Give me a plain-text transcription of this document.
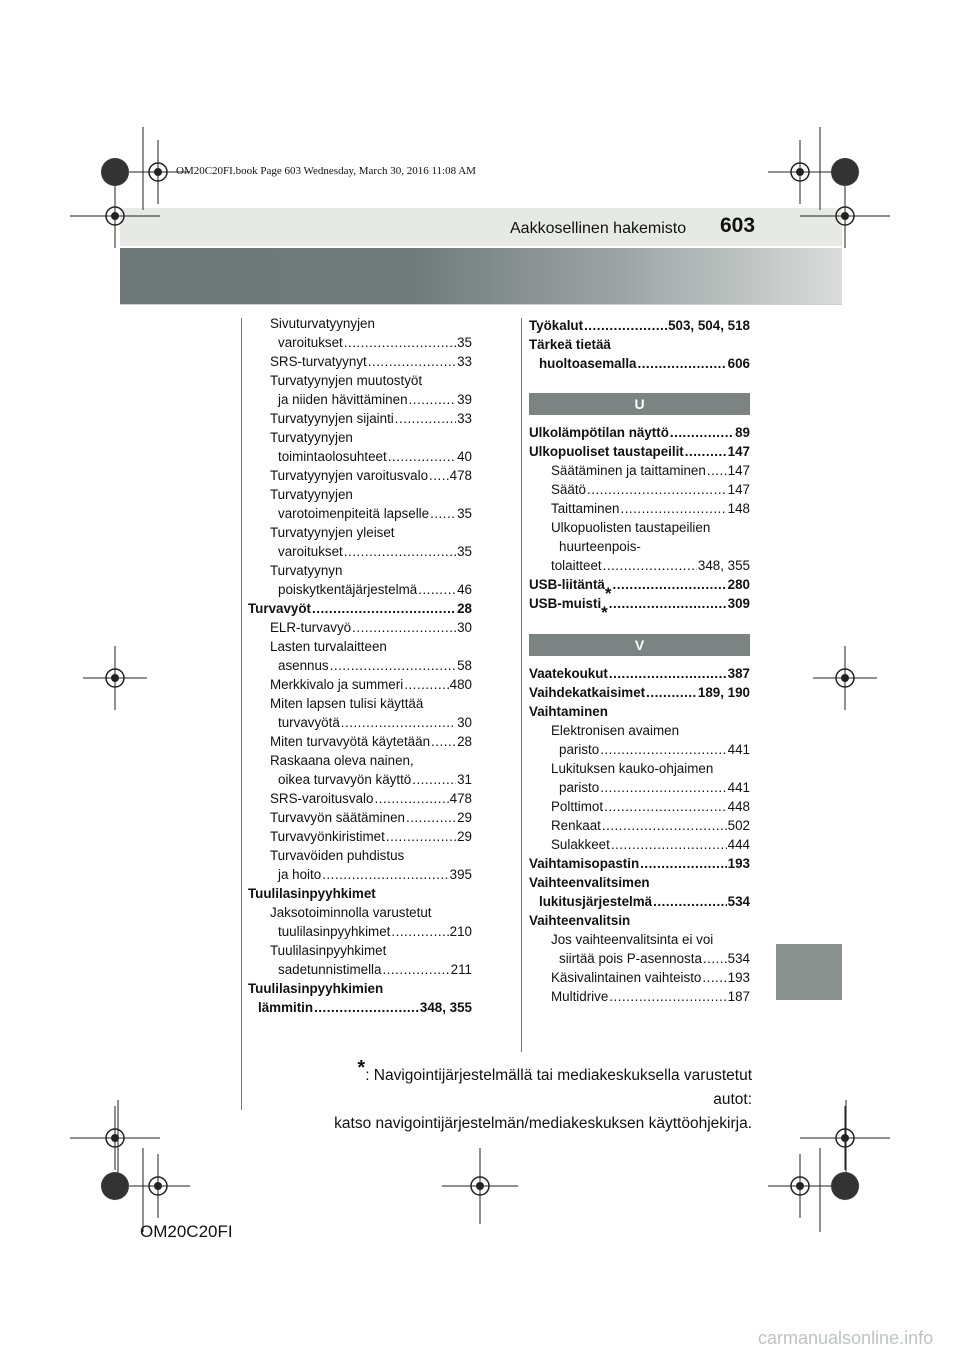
Aakkosellinen hakemisto 603
OM20C20FI.book Page 603 Wednesday, March 30, 2016 11:08 AM
Sivuturvatyynyjen
varoitukset .....	35
SRS-turvatyynyt .....	33
Turvatyynyjen muutostyöt
ja niiden hävittäminen .....	39
Turvatyynyjen sijainti .....	33
Turvatyynyjen
toimintaolosuhteet .....	40
Turvatyynyjen varoitusvalo ..... 478
Turvatyynyjen
varotoimenpiteitä lapselle ..... 35
Turvatyynyjen yleiset
varoitukset .....	35
Turvatyynyn
poiskytkentäjärjestelmä .....	46
Turvavyöt .....	28
ELR-turvavyö .....	30
Lasten turvalaitteen
asennus .....	58
Merkkivalo ja summeri .....	480
Miten lapsen tulisi käyttää
turvavyötä .....	30
Miten turvavyötä käytetään ..... 28
Raskaana oleva nainen,
oikea turvavyön käyttö .....	31
SRS-varoitusvalo .....	478
Turvavyön säätäminen .....	29
Turvavyönkiristimet .....	29
Turvavöiden puhdistus
ja hoito .....	395
Tuulilasinpyyhkimet
Jaksotoiminnolla varustetut
tuulilasinpyyhkimet .....	210
Tuulilasinpyyhkimet
sadetunnistimella .....	211
Tuulilasinpyyhkimien
lämmitin .....	348, 355
Työkalut .....	503, 504, 518
Tärkeä tietää
huoltoasemalla .....	606
U
Ulkolämpötilan näyttö .....	89
Ulkopuoliset taustapeilit .....	147
Säätäminen ja taittaminen ..... 147
Säätö .....	147
Taittaminen .....	148
Ulkopuolisten taustapeilien
huurteenpois-
tolaitteet .....	348, 355
USB-liitäntä * .....	280
USB-muisti * .....	309
V
Vaatekoukut .....	387
Vaihdekatkaisimet .....	189, 190
Vaihtaminen
Elektronisen avaimen
paristo .....	441
Lukituksen kauko-ohjaimen
paristo .....	441
Polttimot .....	448
Renkaat .....	502
Sulakkeet .....	444
Vaihtamisopastin .....	193
Vaihteenvalitsimen
lukitusjärjestelmä .....	534
Vaihteenvalitsin
Jos vaihteenvalitsinta ei voi
siirtää pois P-asennosta ..... 534
Käsivalintainen vaihteisto ..... 193
Multidrive .....	187
*: Navigointijärjestelmällä tai mediakeskuksella varustetut autot:
katso navigointijärjestelmän/mediakeskuksen käyttöohjekirja.
OM20C20FI
carmanualsonline.info
